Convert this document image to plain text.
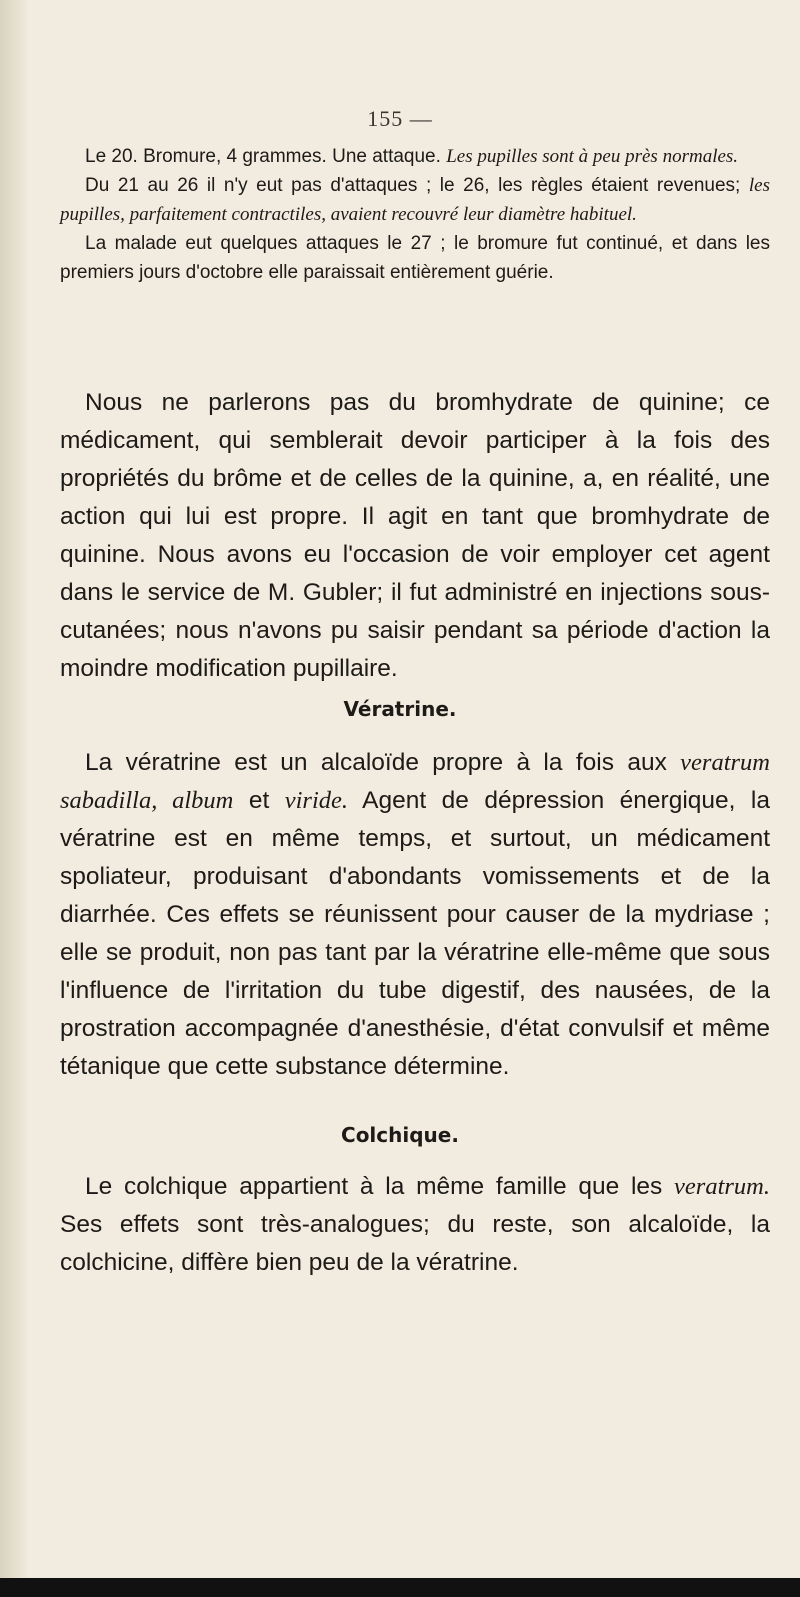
155 —

Le 20. Bromure, 4 grammes. Une attaque. Les pupilles sont à peu près normales.

Du 21 au 26 il n'y eut pas d'attaques ; le 26, les règles étaient revenues; les pupilles, parfaitement contractiles, avaient recouvré leur diamètre habituel.

La malade eut quelques attaques le 27 ; le bromure fut continué, et dans les premiers jours d'octobre elle paraissait entièrement guérie.

Nous ne parlerons pas du bromhydrate de quinine; ce médicament, qui semblerait devoir participer à la fois des propriétés du brôme et de celles de la quinine, a, en réalité, une action qui lui est propre. Il agit en tant que bromhydrate de quinine. Nous avons eu l'occasion de voir employer cet agent dans le service de M. Gubler; il fut administré en injections sous-cutanées; nous n'avons pu saisir pendant sa période d'action la moindre modification pupillaire.

Vératrine.

La vératrine est un alcaloïde propre à la fois aux veratrum sabadilla, album et viride. Agent de dépression énergique, la vératrine est en même temps, et surtout, un médicament spoliateur, produisant d'abondants vomissements et de la diarrhée. Ces effets se réunissent pour causer de la mydriase ; elle se produit, non pas tant par la vératrine elle-même que sous l'influence de l'irritation du tube digestif, des nausées, de la prostration accompagnée d'anesthésie, d'état convulsif et même tétanique que cette substance détermine.

Colchique.

Le colchique appartient à la même famille que les veratrum. Ses effets sont très-analogues; du reste, son alcaloïde, la colchicine, diffère bien peu de la vératrine.
